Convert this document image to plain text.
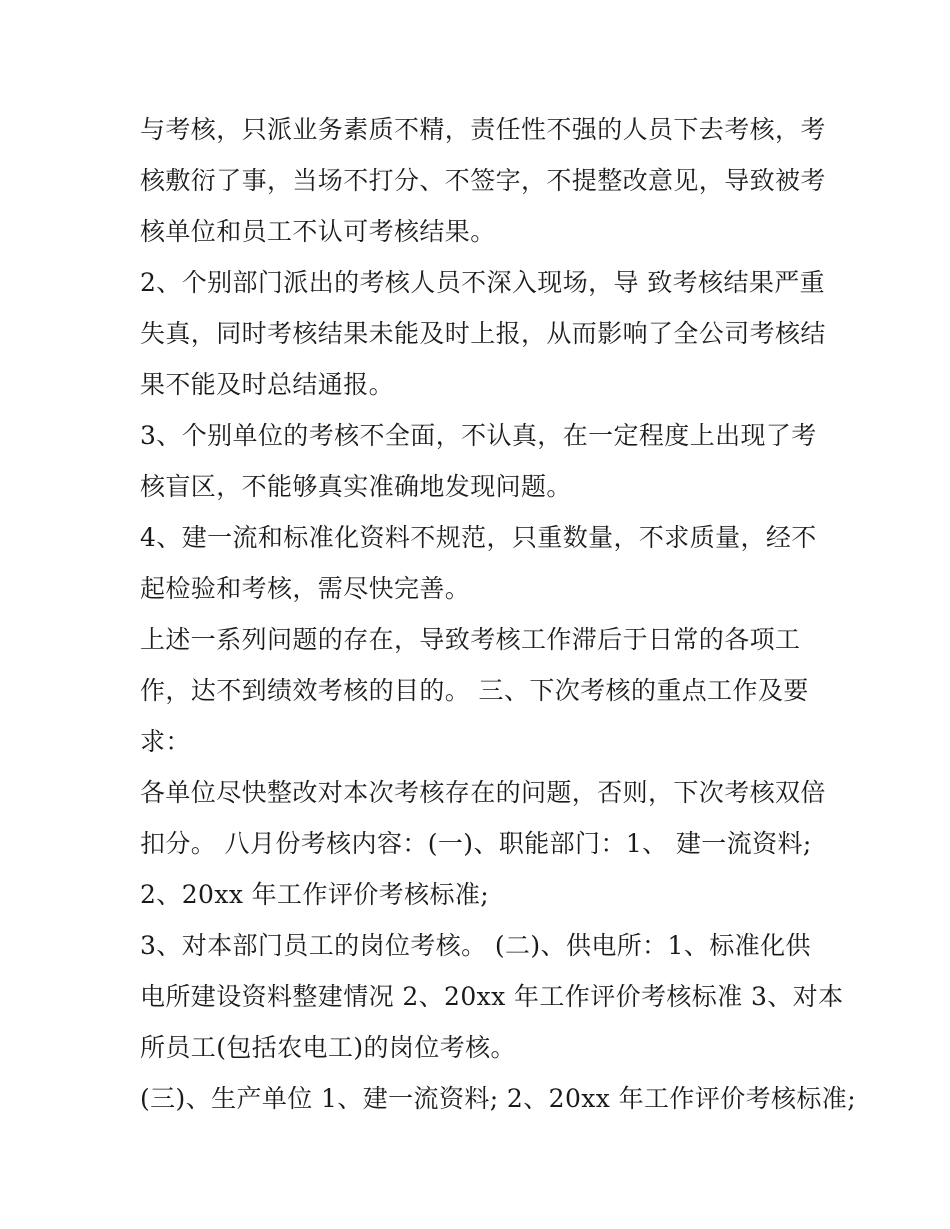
与考核，只派业务素质不精，责任性不强的人员下去考核，考
核敷衍了事，当场不打分、不签字，不提整改意见，导致被考
核单位和员工不认可考核结果。
2、个别部门派出的考核人员不深入现场，导 致考核结果严重
失真，同时考核结果未能及时上报，从而影响了全公司考核结
果不能及时总结通报。
3、个别单位的考核不全面，不认真，在一定程度上出现了考
核盲区，不能够真实准确地发现问题。
4、建一流和标准化资料不规范，只重数量，不求质量，经不
起检验和考核，需尽快完善。
上述一系列问题的存在，导致考核工作滞后于日常的各项工
作，达不到绩效考核的目的。 三、下次考核的重点工作及要
求：
各单位尽快整改对本次考核存在的问题，否则，下次考核双倍
扣分。 八月份考核内容：(一)、职能部门：1、 建一流资料;
2、20xx 年工作评价考核标准;
3、对本部门员工的岗位考核。 (二)、供电所：1、标准化供
电所建设资料整建情况 2、20xx 年工作评价考核标准 3、对本
所员工(包括农电工)的岗位考核。
(三)、生产单位 1、建一流资料; 2、20xx 年工作评价考核标准;
